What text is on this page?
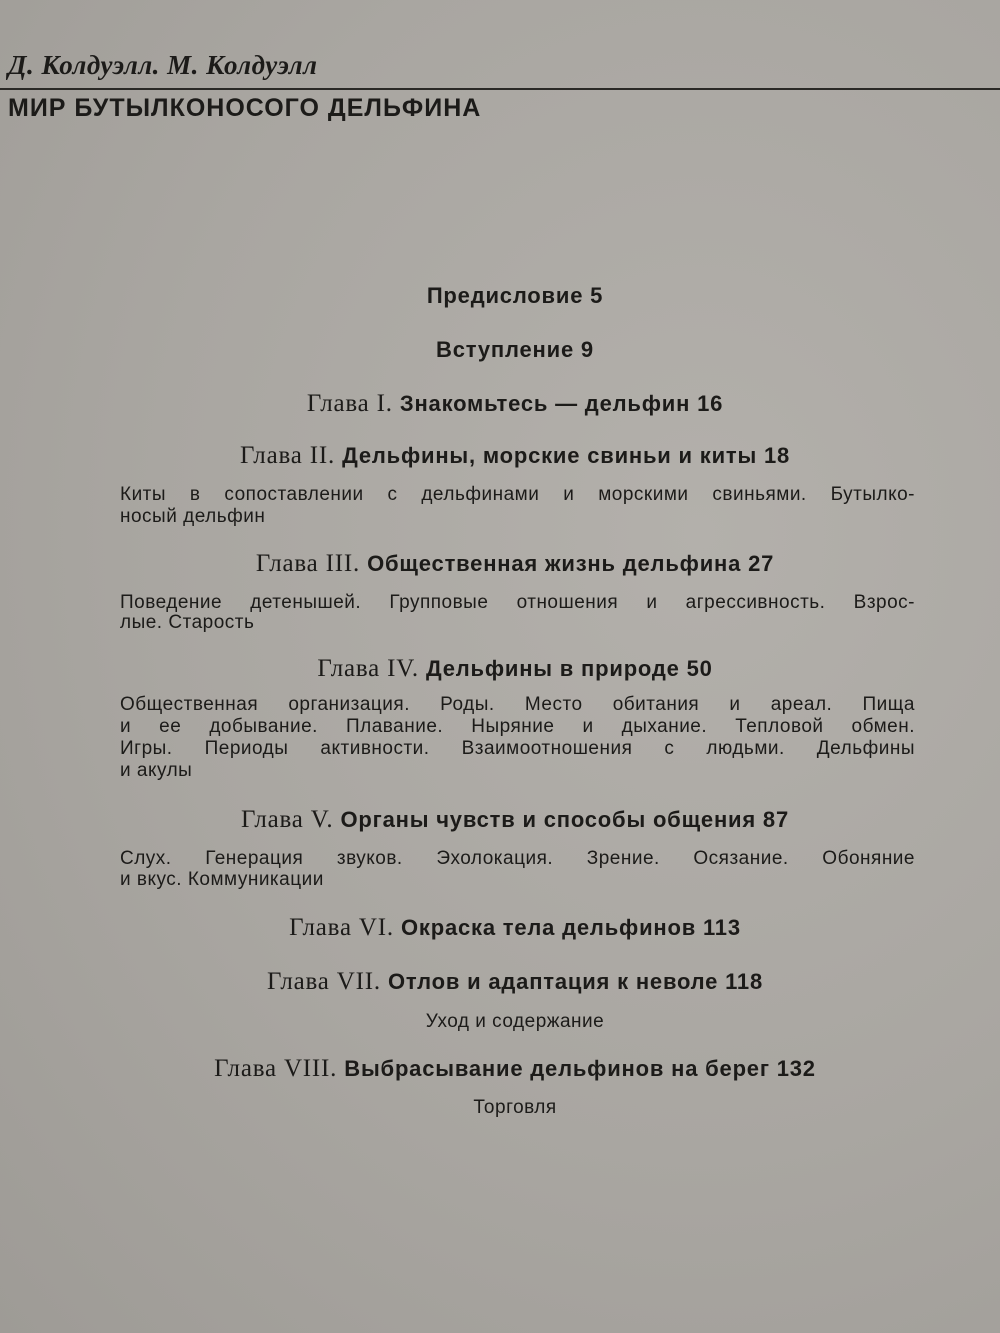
Д. Колдуэлл. М. Колдуэлл
МИР БУТЫЛКОНОСОГО ДЕЛЬФИНА
Предисловие 5
Вступление 9
Глава I. Знакомьтесь — дельфин 16
Глава II. Дельфины, морские свиньи и киты 18
Киты в сопоставлении с дельфинами и морскими свиньями. Бутылко-
носый дельфин
Глава III. Общественная жизнь дельфина 27
Поведение детенышей. Групповые отношения и агрессивность. Взрос-
лые. Старость
Глава IV. Дельфины в природе 50
Общественная организация. Роды. Место обитания и ареал. Пища
и ее добывание. Плавание. Ныряние и дыхание. Тепловой обмен.
Игры. Периоды активности. Взаимоотношения с людьми. Дельфины
и акулы
Глава V. Органы чувств и способы общения 87
Слух. Генерация звуков. Эхолокация. Зрение. Осязание. Обоняние
и вкус. Коммуникации
Глава VI. Окраска тела дельфинов 113
Глава VII. Отлов и адаптация к неволе 118
Уход и содержание
Глава VIII. Выбрасывание дельфинов на берег 132
Торговля
